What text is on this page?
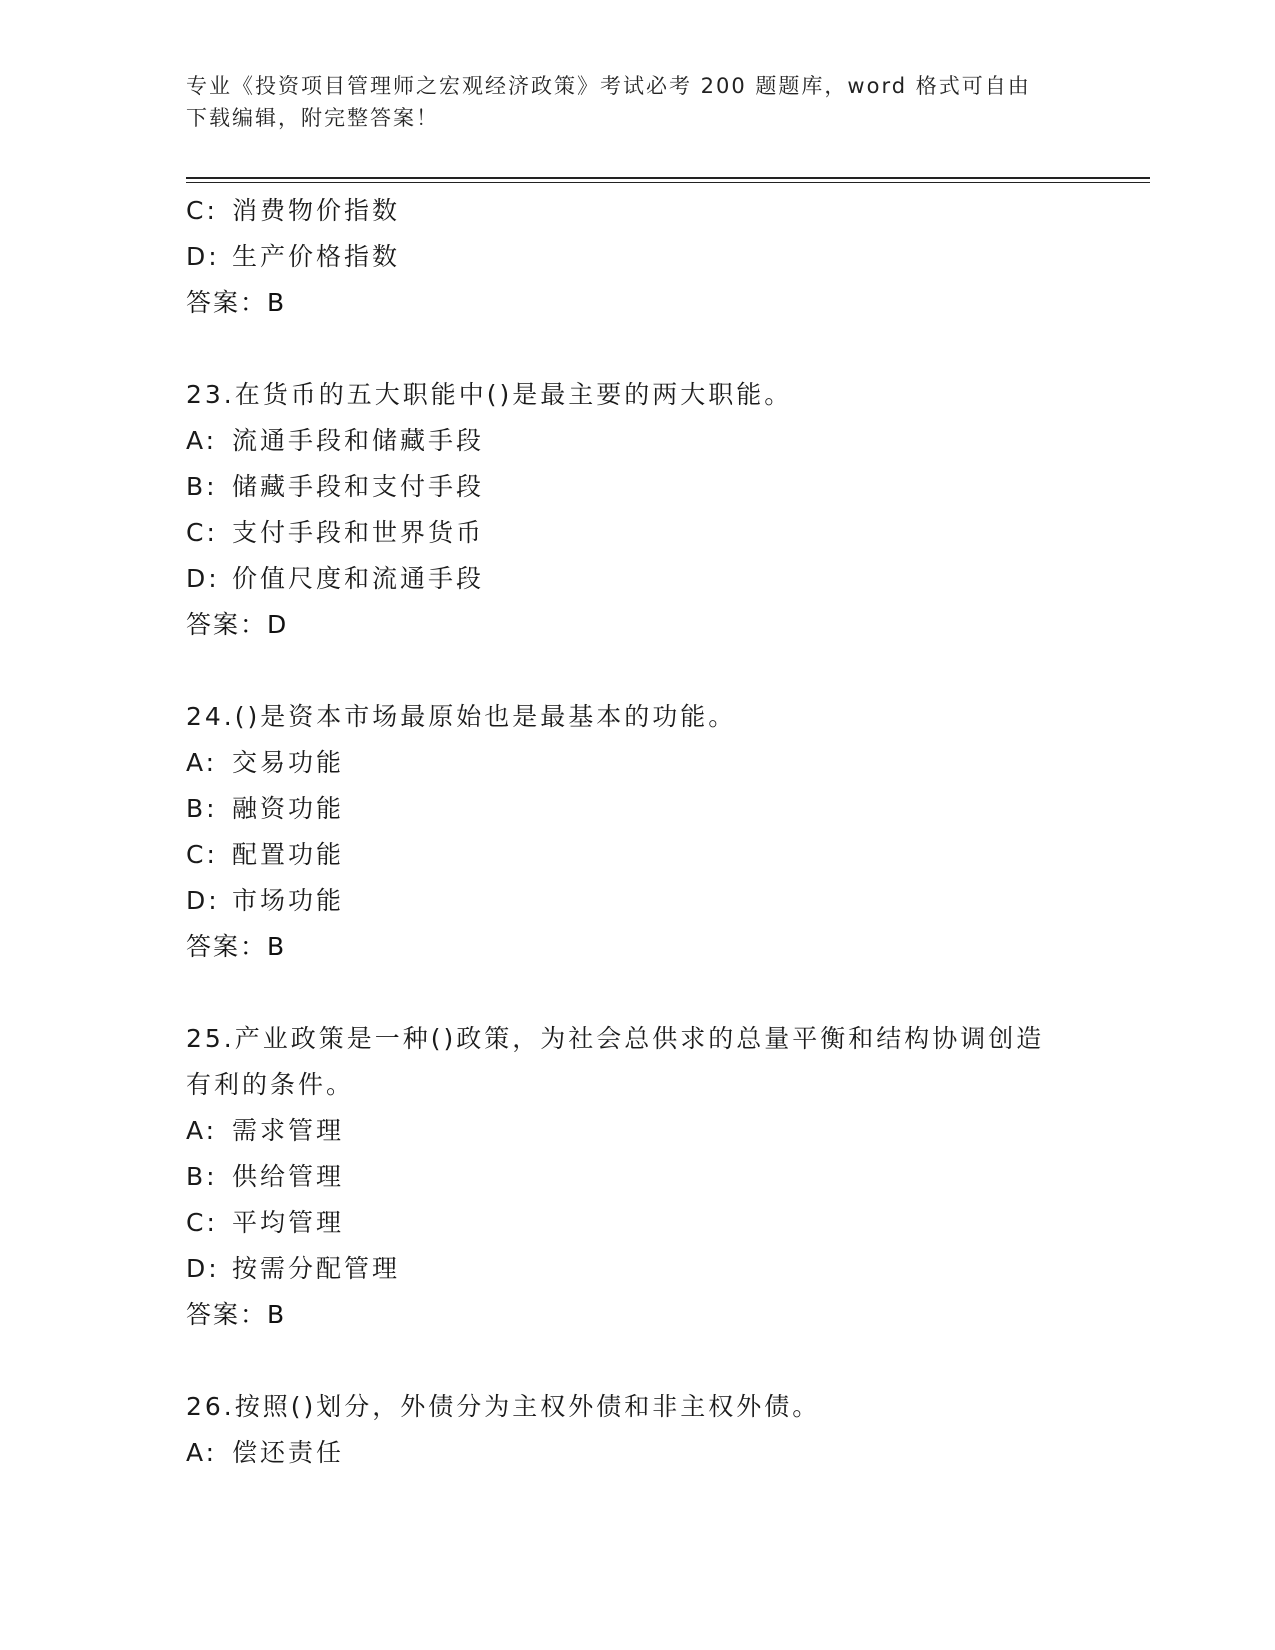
专业《投资项目管理师之宏观经济政策》考试必考 200 题题库，word 格式可自由
下载编辑，附完整答案！
C: 消费物价指数
D: 生产价格指数
答案：B
23.在货币的五大职能中()是最主要的两大职能。
A: 流通手段和储藏手段
B: 储藏手段和支付手段
C: 支付手段和世界货币
D: 价值尺度和流通手段
答案：D
24.()是资本市场最原始也是最基本的功能。
A: 交易功能
B: 融资功能
C: 配置功能
D: 市场功能
答案：B
25.产业政策是一种()政策，为社会总供求的总量平衡和结构协调创造
有利的条件。
A: 需求管理
B: 供给管理
C: 平均管理
D: 按需分配管理
答案：B
26.按照()划分，外债分为主权外债和非主权外债。
A: 偿还责任
